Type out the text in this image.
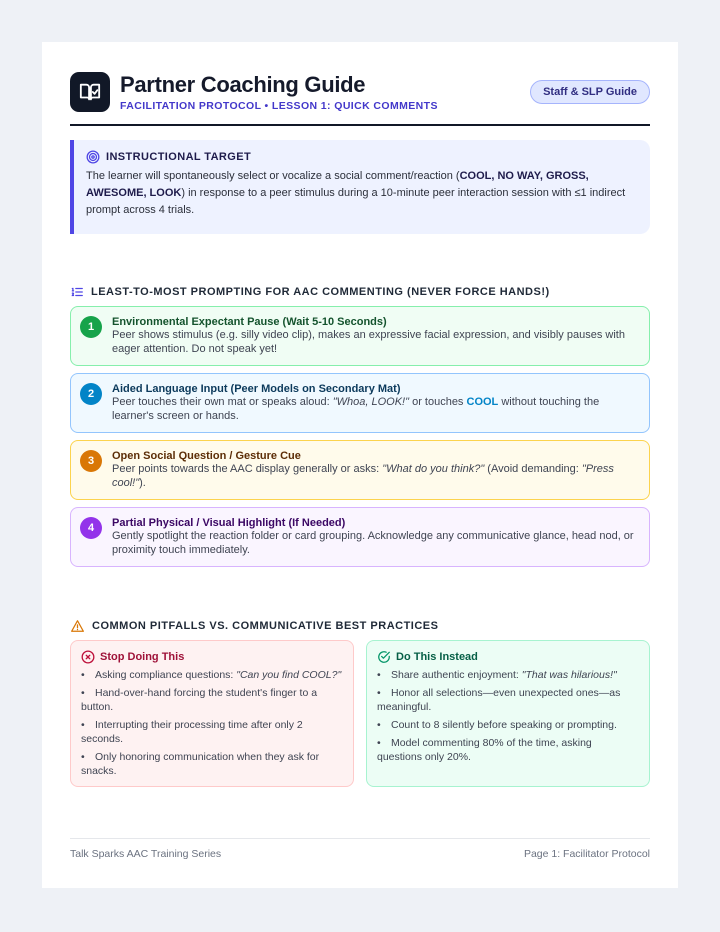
Partner Coaching Guide
FACILITATION PROTOCOL • LESSON 1: QUICK COMMENTS
Staff & SLP Guide
INSTRUCTIONAL TARGET
The learner will spontaneously select or vocalize a social comment/reaction (COOL, NO WAY, GROSS, AWESOME, LOOK) in response to a peer stimulus during a 10-minute peer interaction session with ≤1 indirect prompt across 4 trials.
LEAST-TO-MOST PROMPTING FOR AAC COMMENTING (NEVER FORCE HANDS!)
1	Environmental Expectant Pause (Wait 5-10 Seconds)
Peer shows stimulus (e.g. silly video clip), makes an expressive facial expression, and visibly pauses with eager attention. Do not speak yet!
2	Aided Language Input (Peer Models on Secondary Mat)
Peer touches their own mat or speaks aloud: "Whoa, LOOK!" or touches COOL without touching the learner's screen or hands.
3	Open Social Question / Gesture Cue
Peer points towards the AAC display generally or asks: "What do you think?" (Avoid demanding: "Press cool!").
4	Partial Physical / Visual Highlight (If Needed)
Gently spotlight the reaction folder or card grouping. Acknowledge any communicative glance, head nod, or proximity touch immediately.
COMMON PITFALLS VS. COMMUNICATIVE BEST PRACTICES
Stop Doing This
• Asking compliance questions: "Can you find COOL?"
• Hand-over-hand forcing the student's finger to a button.
• Interrupting their processing time after only 2 seconds.
• Only honoring communication when they ask for snacks.
Do This Instead
• Share authentic enjoyment: "That was hilarious!"
• Honor all selections—even unexpected ones—as meaningful.
• Count to 8 silently before speaking or prompting.
• Model commenting 80% of the time, asking questions only 20%.
Talk Sparks AAC Training Series	Page 1: Facilitator Protocol
